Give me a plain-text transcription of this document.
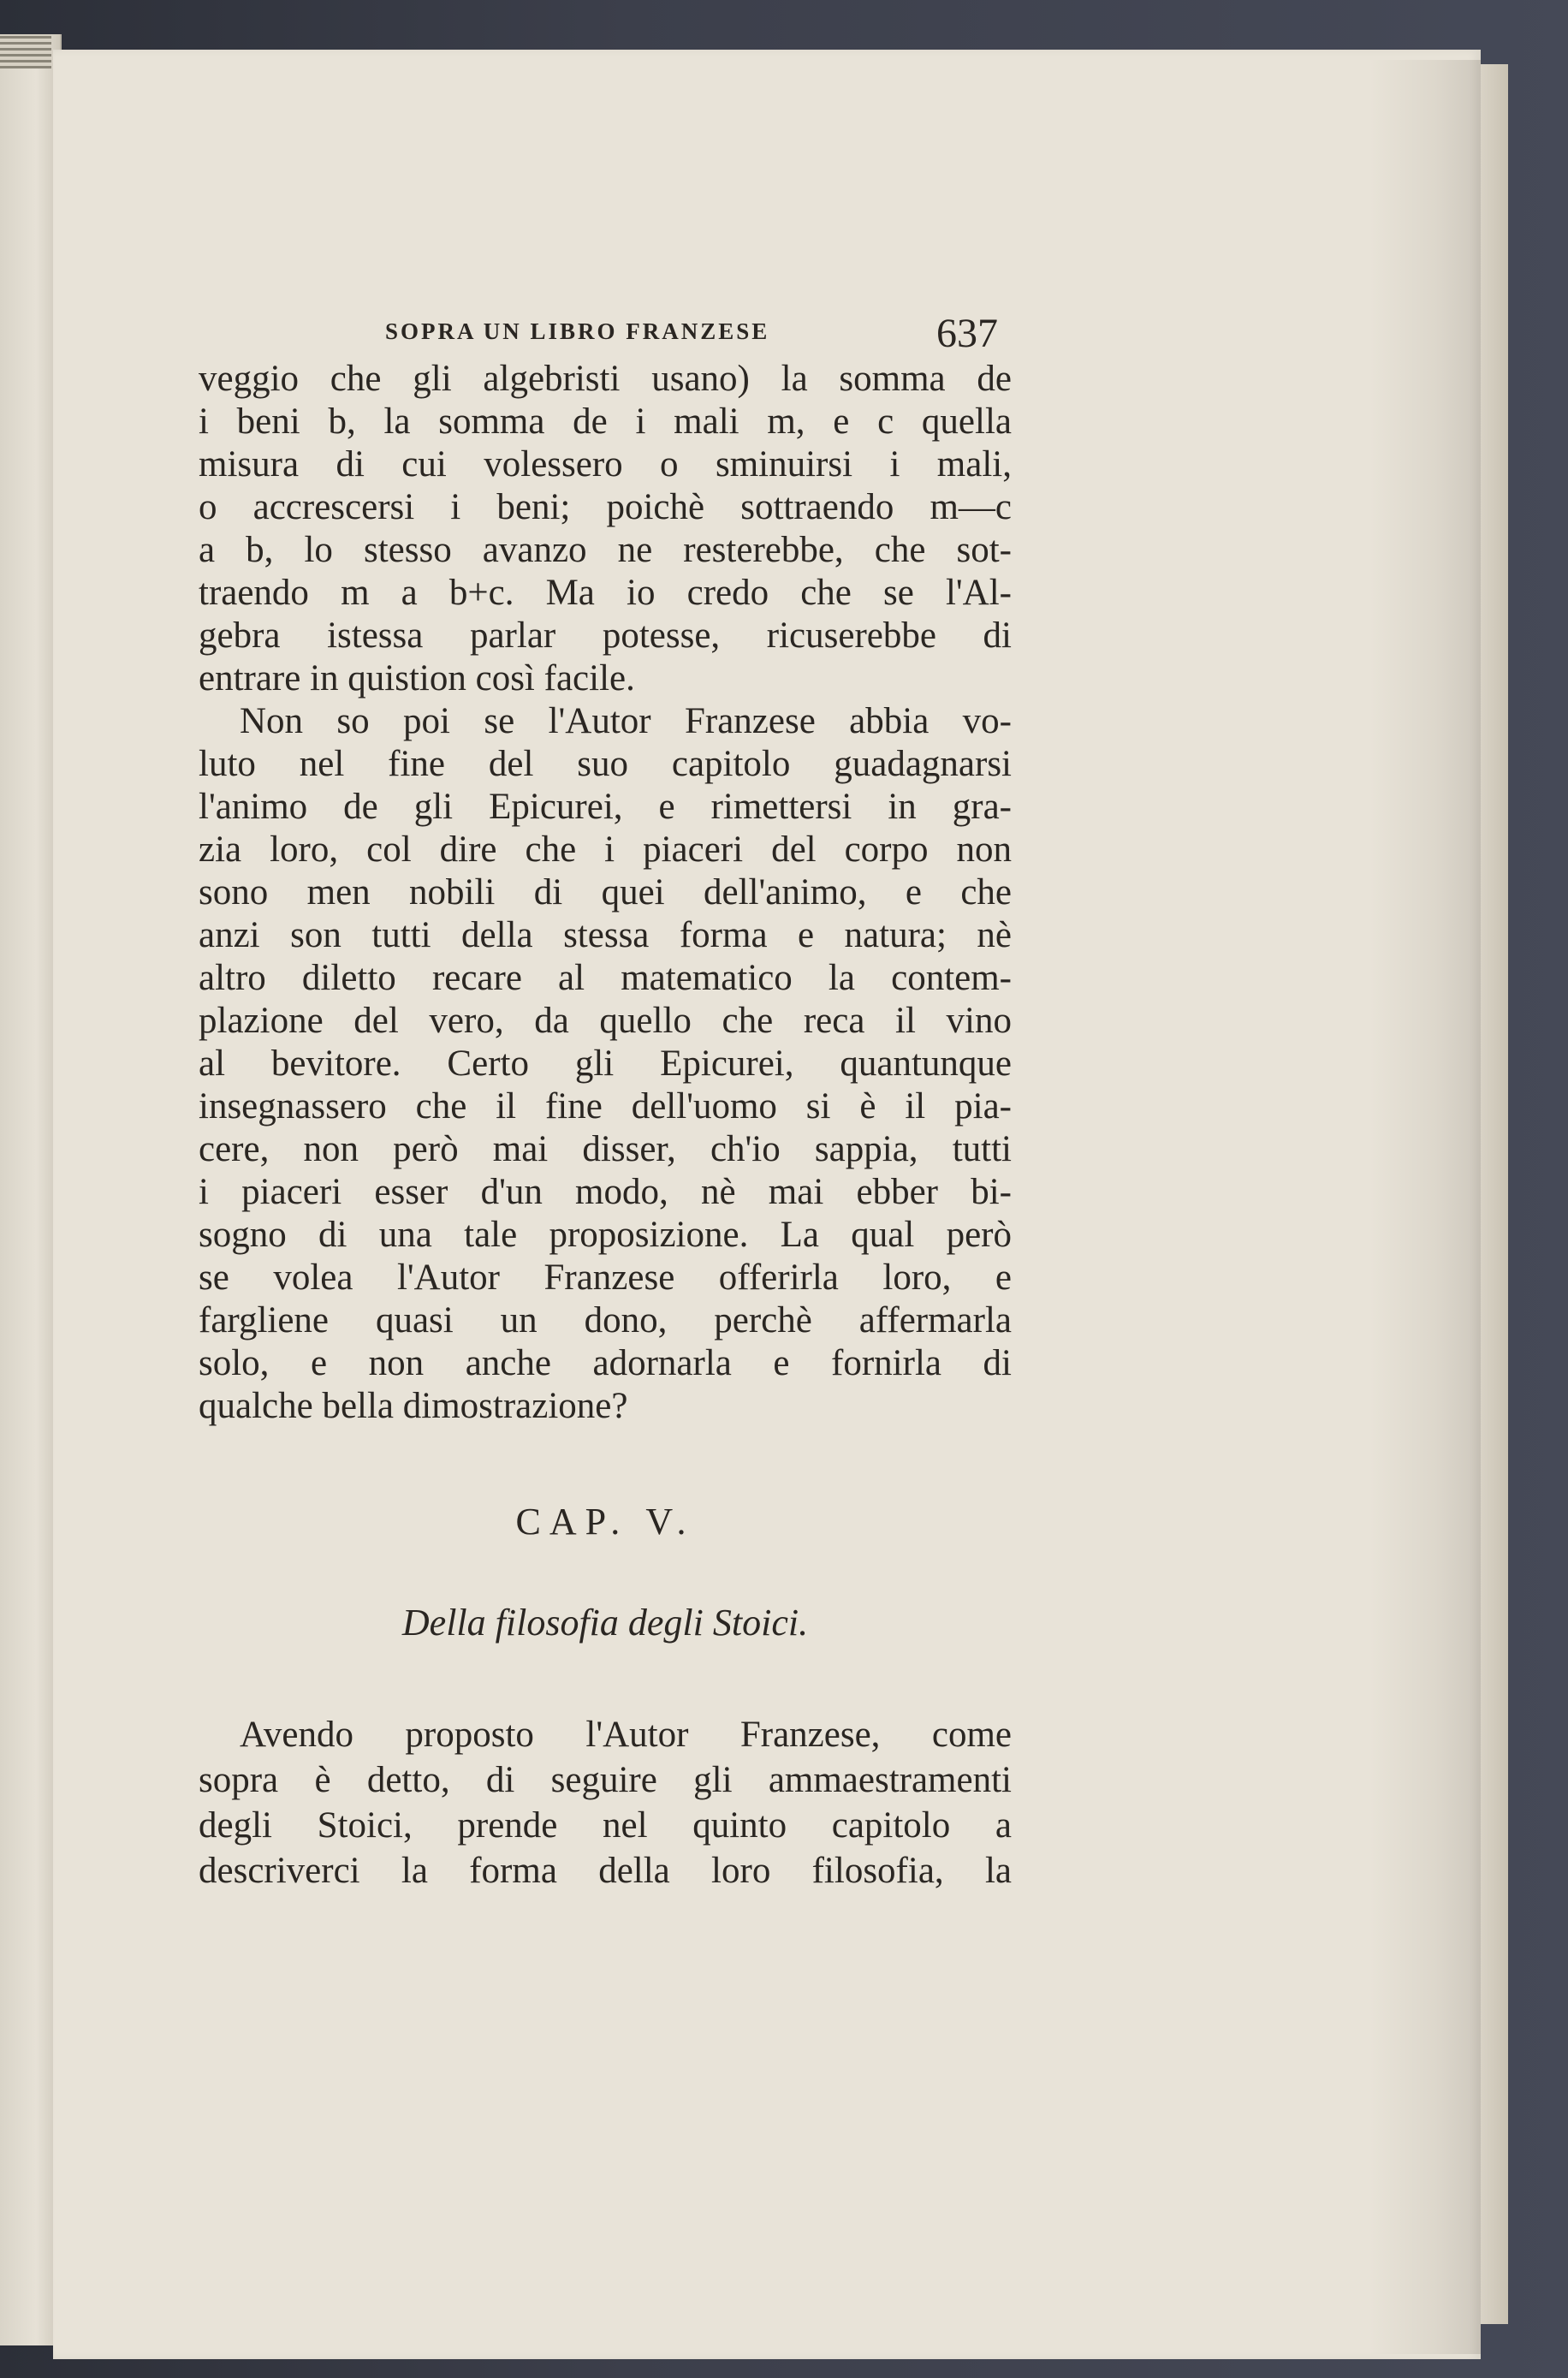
SOPRA UN LIBRO FRANZESE	637
veggio che gli algebristi usano) la somma de
i beni b, la somma de i mali m, e c quella
misura di cui volessero o sminuirsi i mali,
o accrescersi i beni; poichè sottraendo m—c
a b, lo stesso avanzo ne resterebbe, che sot-
traendo m a b+c. Ma io credo che se l'Al-
gebra istessa parlar potesse, ricuserebbe di
entrare in quistion così facile.
Non so poi se l'Autor Franzese abbia vo-
luto nel fine del suo capitolo guadagnarsi
l'animo de gli Epicurei, e rimettersi in gra-
zia loro, col dire che i piaceri del corpo non
sono men nobili di quei dell'animo, e che
anzi son tutti della stessa forma e natura; nè
altro diletto recare al matematico la contem-
plazione del vero, da quello che reca il vino
al bevitore. Certo gli Epicurei, quantunque
insegnassero che il fine dell'uomo si è il pia-
cere, non però mai disser, ch'io sappia, tutti
i piaceri esser d'un modo, nè mai ebber bi-
sogno di una tale proposizione. La qual però
se volea l'Autor Franzese offerirla loro, e
fargliene quasi un dono, perchè affermarla
solo, e non anche adornarla e fornirla di
qualche bella dimostrazione?
CAP. V.
Della filosofia degli Stoici.
Avendo proposto l'Autor Franzese, come
sopra è detto, di seguire gli ammaestramenti
degli Stoici, prende nel quinto capitolo a
descriverci la forma della loro filosofia, la
